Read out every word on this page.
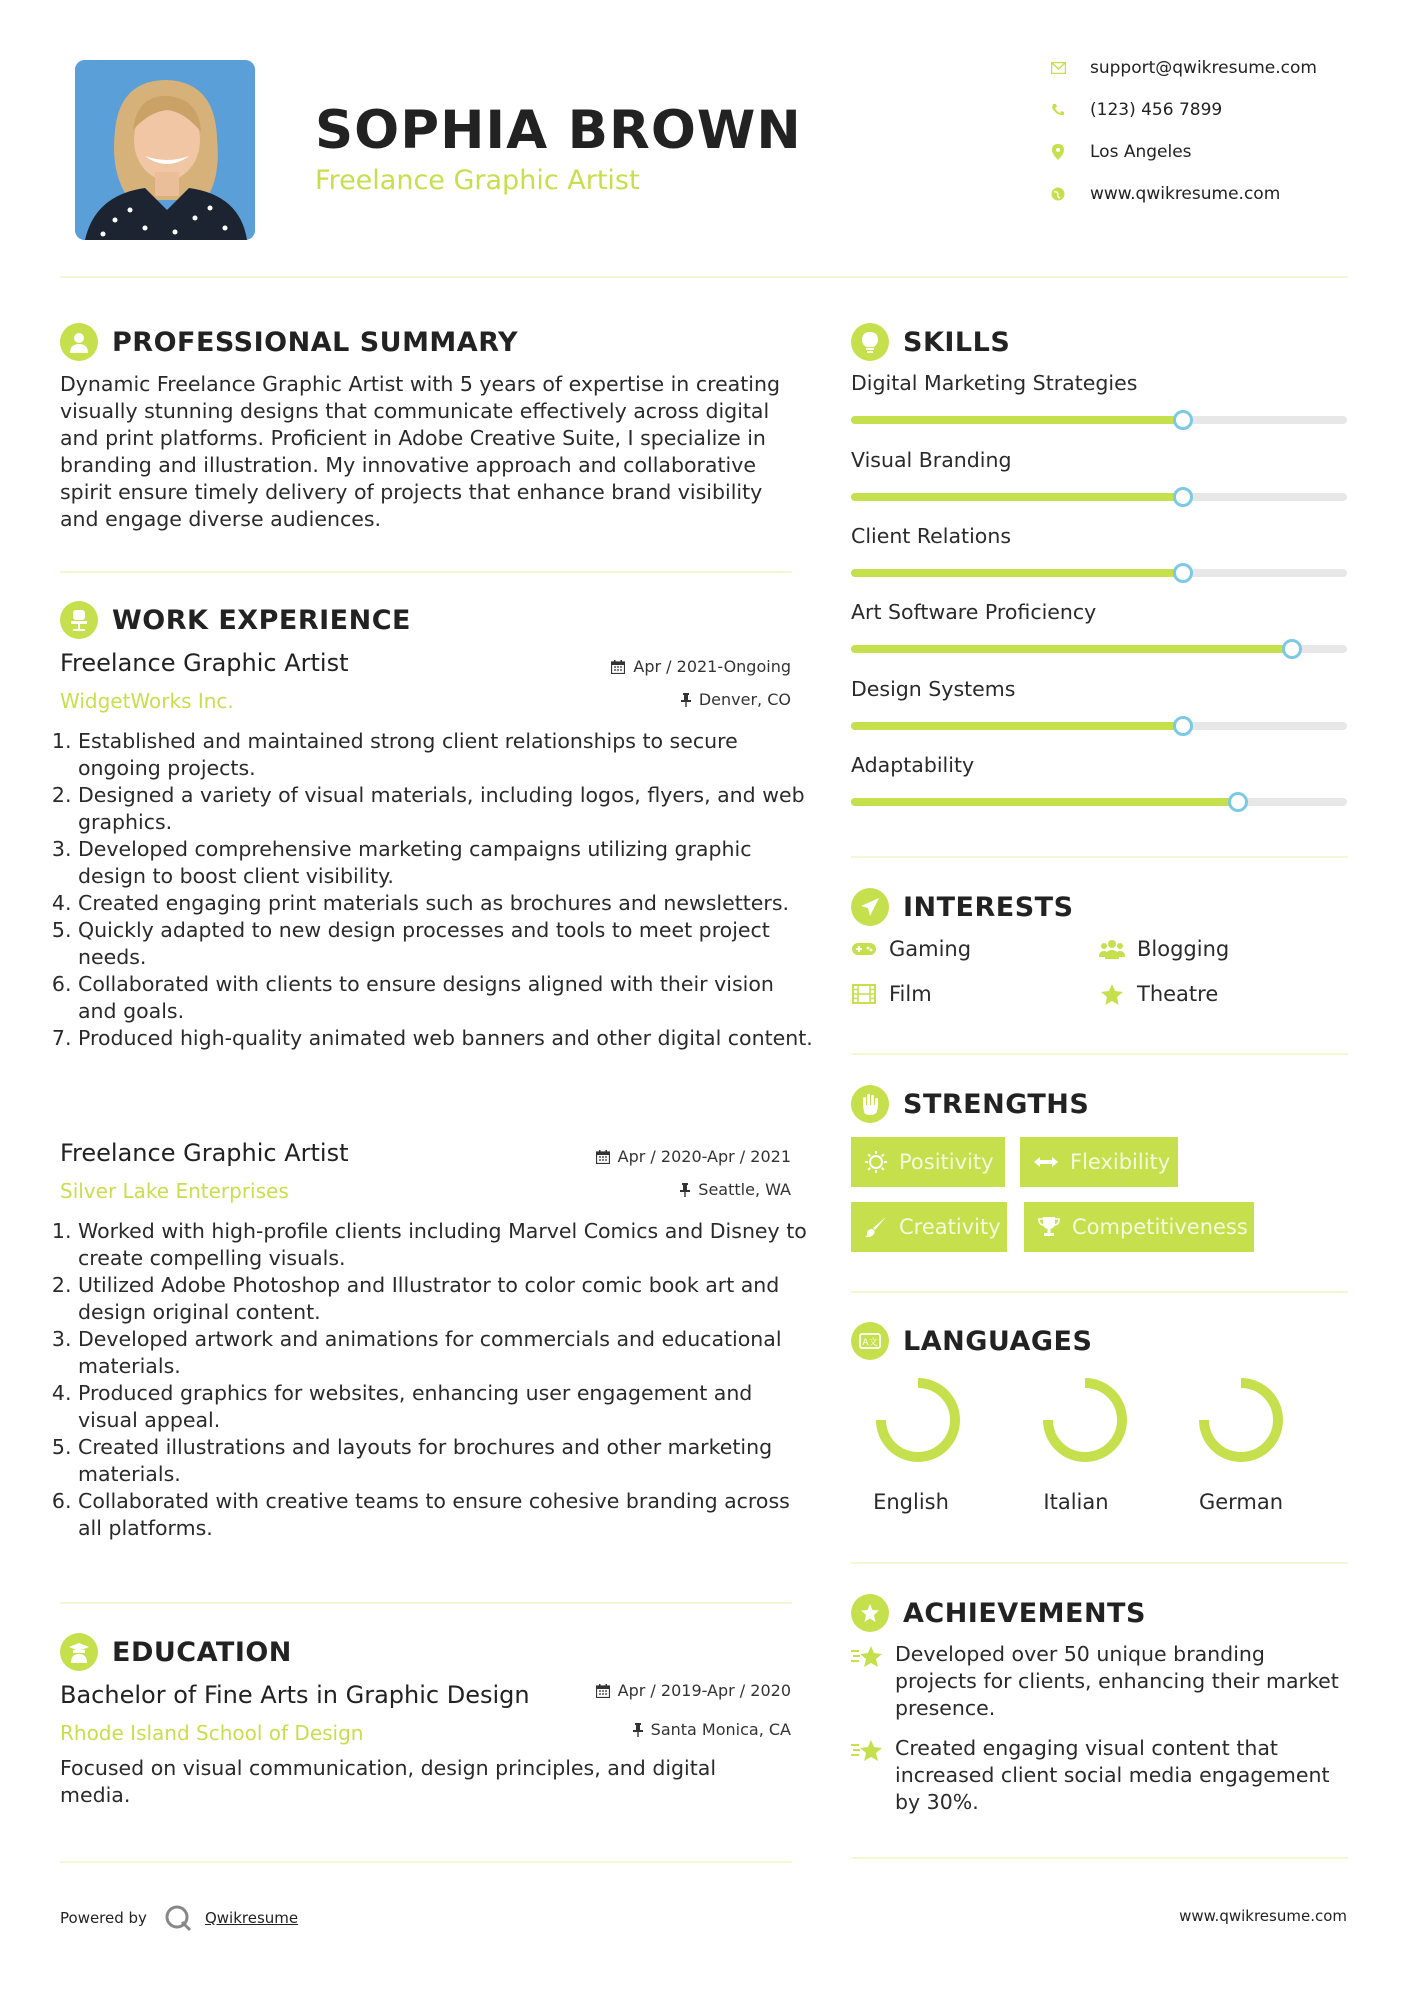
SOPHIA BROWN
Freelance Graphic Artist
support@qwikresume.com
(123) 456 7899
Los Angeles
www.qwikresume.com
PROFESSIONAL SUMMARY
Dynamic Freelance Graphic Artist with 5 years of expertise in creating
visually stunning designs that communicate effectively across digital
and print platforms. Proficient in Adobe Creative Suite, I specialize in
branding and illustration. My innovative approach and collaborative
spirit ensure timely delivery of projects that enhance brand visibility
and engage diverse audiences.
WORK EXPERIENCE
Freelance Graphic Artist
WidgetWorks Inc.
Apr / 2021-Ongoing
Denver, CO
1. Established and maintained strong client relationships to secure ongoing projects.
2. Designed a variety of visual materials, including logos, flyers, and web graphics.
3. Developed comprehensive marketing campaigns utilizing graphic design to boost client visibility.
4. Created engaging print materials such as brochures and newsletters.
5. Quickly adapted to new design processes and tools to meet project needs.
6. Collaborated with clients to ensure designs aligned with their vision and goals.
7. Produced high-quality animated web banners and other digital content.
Freelance Graphic Artist
Silver Lake Enterprises
Apr / 2020-Apr / 2021
Seattle, WA
1. Worked with high-profile clients including Marvel Comics and Disney to create compelling visuals.
2. Utilized Adobe Photoshop and Illustrator to color comic book art and design original content.
3. Developed artwork and animations for commercials and educational materials.
4. Produced graphics for websites, enhancing user engagement and visual appeal.
5. Created illustrations and layouts for brochures and other marketing materials.
6. Collaborated with creative teams to ensure cohesive branding across all platforms.
EDUCATION
Bachelor of Fine Arts in Graphic Design
Rhode Island School of Design
Apr / 2019-Apr / 2020
Santa Monica, CA
Focused on visual communication, design principles, and digital media.
SKILLS
Digital Marketing Strategies
Visual Branding
Client Relations
Art Software Proficiency
Design Systems
Adaptability
INTERESTS
Gaming	Blogging
Film	Theatre
STRENGTHS
Positivity	Flexibility
Creativity	Competitiveness
A文 LANGUAGES
English	Italian	German
ACHIEVEMENTS
Developed over 50 unique branding projects for clients, enhancing their market presence.
Created engaging visual content that increased client social media engagement by 30%.
Powered by	Qwikresume	www.qwikresume.com
